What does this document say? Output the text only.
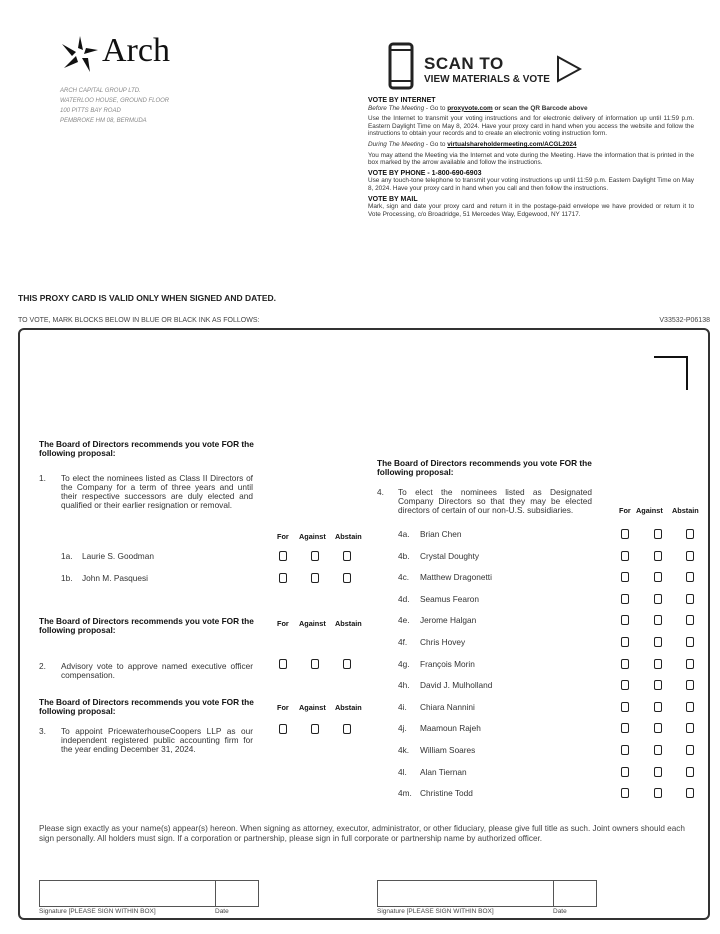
Arch
ARCH CAPITAL GROUP LTD.
WATERLOO HOUSE, GROUND FLOOR
100 PITTS BAY ROAD
PEMBROKE HM 08, BERMUDA
SCAN TO
VIEW MATERIALS & VOTE
VOTE BY INTERNET

Before The Meeting - Go to proxyvote.com or scan the QR Barcode above

Use the Internet to transmit your voting instructions and for electronic delivery of information up until 11:59 p.m. Eastern Daylight Time on May 8, 2024. Have your proxy card in hand when you access the website and follow the instructions to obtain your records and to create an electronic voting instruction form.

During The Meeting - Go to virtualshareholdermeeting.com/ACGL2024

You may attend the Meeting via the Internet and vote during the Meeting. Have the information that is printed in the box marked by the arrow available and follow the instructions.

VOTE BY PHONE - 1-800-690-6903

Use any touch-tone telephone to transmit your voting instructions up until 11:59 p.m. Eastern Daylight Time on May 8, 2024. Have your proxy card in hand when you call and then follow the instructions.

VOTE BY MAIL

Mark, sign and date your proxy card and return it in the postage-paid envelope we have provided or return it to Vote Processing, c/o Broadridge, 51 Mercedes Way, Edgewood, NY 11717.

THIS PROXY CARD IS VALID ONLY WHEN SIGNED AND DATED.
TO VOTE, MARK BLOCKS BELOW IN BLUE OR BLACK INK AS FOLLOWS:	V33532-P06138
The Board of Directors recommends you vote FOR the following proposal:
1. To elect the nominees listed as Class II Directors of the Company for a term of three years and until their respective successors are duly elected and qualified or their earlier resignation or removal.
For Against Abstain
The Board of Directors recommends you vote FOR the following proposal:
For Against Abstain
2. Advisory vote to approve named executive officer compensation.
The Board of Directors recommends you vote FOR the following proposal:	For Against Abstain
3. To appoint PricewaterhouseCoopers LLP as our independent registered public accounting firm for the year ending December 31, 2024.
The Board of Directors recommends you vote FOR the following proposal:
4. To elect the nominees listed as Designated Company Directors so that they may be elected directors of certain of our non-U.S. subsidiaries.	For Against Abstain
Please sign exactly as your name(s) appear(s) hereon. When signing as attorney, executor, administrator, or other fiduciary, please give full title as such. Joint owners should each sign personally. All holders must sign. If a corporation or partnership, please sign in full corporate or partnership name by authorized officer.
Signature [PLEASE SIGN WITHIN BOX]	Date	Signature [PLEASE SIGN WITHIN BOX]	Date
1a. Laurie S. Goodman
1b. John M. Pasquesi
4a. Brian Chen
4b. Crystal Doughty
4c. Matthew Dragonetti
4d. Seamus Fearon
4e. Jerome Halgan
4f. Chris Hovey
4g. François Morin
4h. David J. Mulholland
4i. Chiara Nannini
4j. Maamoun Rajeh
4k. William Soares
4l. Alan Tiernan
4m. Christine Todd
